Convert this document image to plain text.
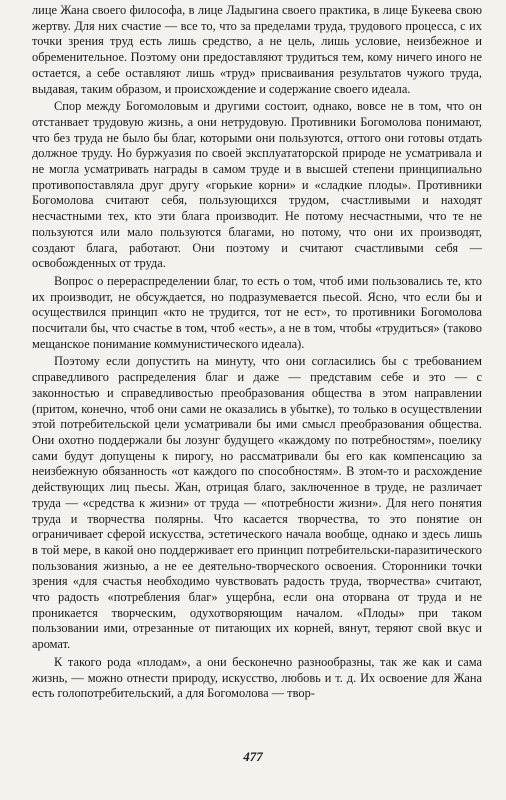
лице Жана своего философа, в лице Ладыгина своего практика, в лице Букеева свою жертву. Для них счастие — все то, что за пределами труда, трудового процесса, с их точки зрения труд есть лишь средство, а не цель, лишь условие, неизбежное и обременительное. Поэтому они предоставляют трудиться тем, кому ничего иного не остается, а себе оставляют лишь «труд» присваивания результатов чужого труда, выдавая, таким образом, и происхождение и содержание своего идеала.

Спор между Богомоловым и другими состоит, однако, вовсе не в том, что он отстанвает трудовую жизнь, а они нетрудовую. Противники Богомолова понимают, что без труда не было бы благ, которыми они пользуются, оттого они готовы отдать должное труду. Но буржуазия по своей эксплуататорской природе не усматривала и не могла усматривать награды в самом труде и в высшей степени принципиально противопоставляла друг другу «горькие корни» и «сладкие плоды». Противники Богомолова считают себя, пользующихся трудом, счастливыми и находят несчастными тех, кто эти блага производит. Не потому несчастными, что те не пользуются или мало пользуются благами, но потому, что они их производят, создают блага, работают. Они поэтому и считают счастливыми себя — освобожденных от труда.

Вопрос о перераспределении благ, то есть о том, чтоб ими пользовались те, кто их производит, не обсуждается, но подразумевается пьесой. Ясно, что если бы и осуществился принцип «кто не трудится, тот не ест», то противники Богомолова посчитали бы, что счастье в том, чтоб «есть», а не в том, чтобы «трудиться» (таково мещанское понимание коммунистического идеала).

Поэтому если допустить на минуту, что они согласились бы с требованием справедливого распределения благ и даже — представим себе и это — с законностью и справедливостью преобразования общества в этом направлении (притом, конечно, чтоб они сами не оказались в убытке), то только в осуществлении этой потребительской цели усматривали бы ими смысл преобразования общества. Они охотно поддержали бы лозунг будущего «каждому по потребностям», поелику сами будут допущены к пирогу, но рассматривали бы его как компенсацию за неизбежную обязанность «от каждого по способностям». В этом-то и расхождение действующих лиц пьесы. Жан, отрицая благо, заключенное в труде, не различает труда — «средства к жизни» от труда — «потребности жизни». Для него понятия труда и творчества полярны. Что касается творчества, то это понятие он ограничивает сферой искусства, эстетического начала вообще, однако и здесь лишь в той мере, в какой оно поддерживает его принцип потребительски-паразитического пользования жизнью, а не ее деятельно-творческого освоения. Сторонники точки зрения «для счастья необходимо чувствовать радость труда, творчества» считают, что радость «потребления благ» ущербна, если она оторвана от труда и не проникается творческим, одухотворяющим началом. «Плоды» при таком пользовании ими, отрезанные от питающих их корней, вянут, теряют свой вкус и аромат.

К такого рода «плодам», а они бесконечно разнообразны, так же как и сама жизнь, — можно отнести природу, искусство, любовь и т. д. Их освоение для Жана есть голопотребительский, а для Богомолова — твор-

477
